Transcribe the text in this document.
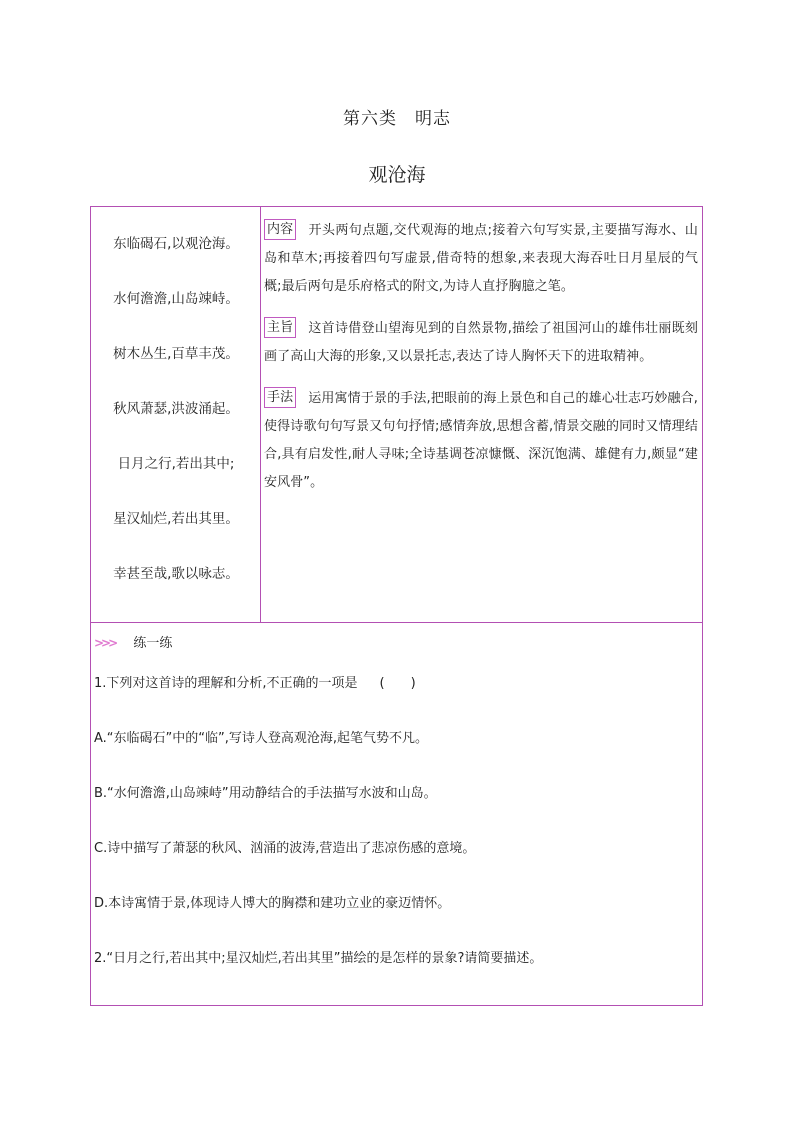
第六类　明志
观沧海
东临碣石,以观沧海。
水何澹澹,山岛竦峙。
树木丛生,百草丰茂。
秋风萧瑟,洪波涌起。
日月之行,若出其中;
星汉灿烂,若出其里。
幸甚至哉,歌以咏志。
内容 开头两句点题,交代观海的地点;接着六句写实景,主要描写海水、山岛和草木;再接着四句写虚景,借奇特的想象,来表现大海吞吐日月星辰的气概;最后两句是乐府格式的附文,为诗人直抒胸臆之笔。
主旨 这首诗借登山望海见到的自然景物,描绘了祖国河山的雄伟壮丽既刻画了高山大海的形象,又以景托志,表达了诗人胸怀天下的进取精神。
手法 运用寓情于景的手法,把眼前的海上景色和自己的雄心壮志巧妙融合,使得诗歌句句写景又句句抒情;感情奔放,思想含蓄,情景交融的同时又情理结合,具有启发性,耐人寻味;全诗基调苍凉慷慨、深沉饱满、雄健有力,颇显“建安风骨”。
>>> 练一练
1.下列对这首诗的理解和分析,不正确的一项是 (　　)
A.“东临碣石”中的“临”,写诗人登高观沧海,起笔气势不凡。
B.“水何澹澹,山岛竦峙”用动静结合的手法描写水波和山岛。
C.诗中描写了萧瑟的秋风、汹涌的波涛,营造出了悲凉伤感的意境。
D.本诗寓情于景,体现诗人博大的胸襟和建功立业的豪迈情怀。
2.“日月之行,若出其中;星汉灿烂,若出其里”描绘的是怎样的景象?请简要描述。
